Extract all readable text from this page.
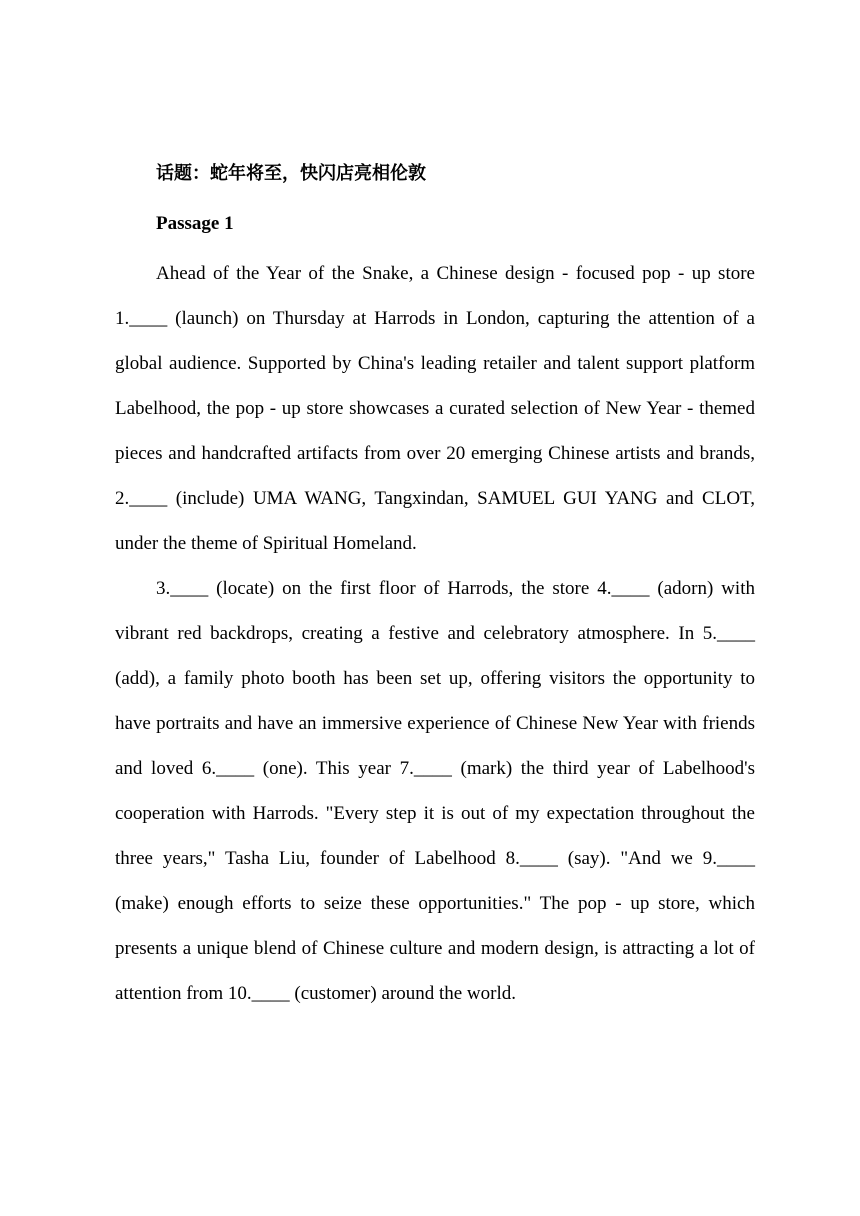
话题：蛇年将至，快闪店亮相伦敦
Passage 1

Ahead of the Year of the Snake, a Chinese design - focused pop - up store 1.____ (launch) on Thursday at Harrods in London, capturing the attention of a global audience. Supported by China's leading retailer and talent support platform Labelhood, the pop - up store showcases a curated selection of New Year - themed pieces and handcrafted artifacts from over 20 emerging Chinese artists and brands, 2.____ (include) UMA WANG, Tangxindan, SAMUEL GUI YANG and CLOT, under the theme of Spiritual Homeland.

3.____ (locate) on the first floor of Harrods, the store 4.____ (adorn) with vibrant red backdrops, creating a festive and celebratory atmosphere. In 5.____ (add), a family photo booth has been set up, offering visitors the opportunity to have portraits and have an immersive experience of Chinese New Year with friends and loved 6.____ (one). This year 7.____ (mark) the third year of Labelhood's cooperation with Harrods. "Every step it is out of my expectation throughout the three years," Tasha Liu, founder of Labelhood 8.____ (say). "And we 9.____ (make) enough efforts to seize these opportunities." The pop - up store, which presents a unique blend of Chinese culture and modern design, is attracting a lot of attention from 10.____ (customer) around the world.
